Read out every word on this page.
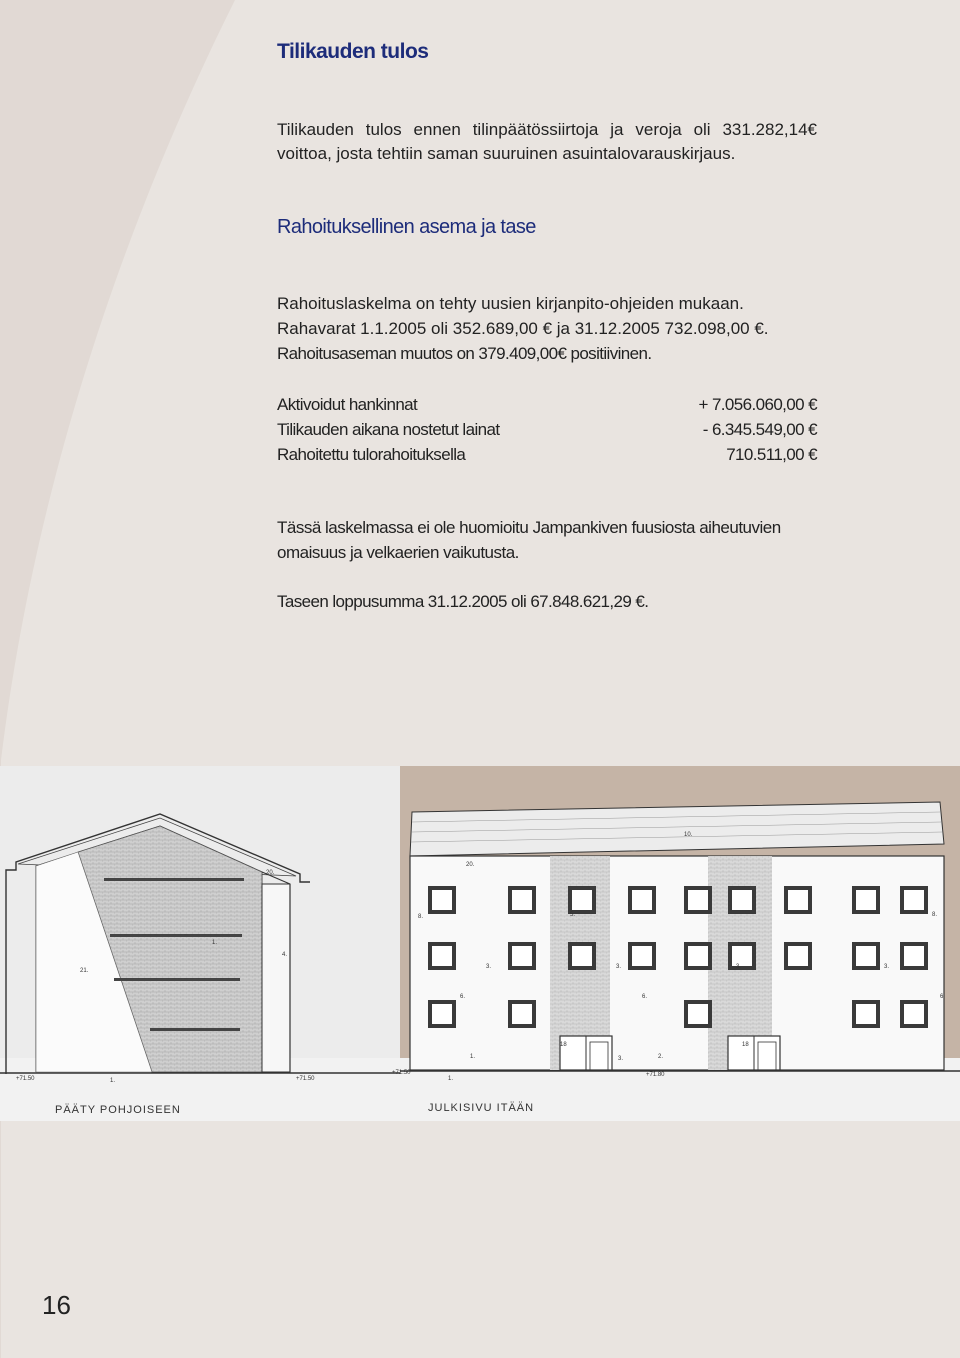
Tilikauden tulos
Tilikauden tulos ennen tilinpäätössiirtoja ja veroja oli 331.282,14€ voittoa, josta tehtiin saman suuruinen asuintalovarauskirjaus.
Rahoituksellinen asema ja tase
Rahoituslaskelma on tehty uusien kirjanpito-ohjeiden mukaan.
Rahavarat 1.1.2005 oli 352.689,00 € ja 31.12.2005 732.098,00 €.
Rahoitusaseman muutos on 379.409,00€ positiivinen.
Aktivoidut hankinnat	+ 7.056.060,00 €
Tilikauden aikana nostetut lainat	- 6.345.549,00 €
Rahoitettu tulorahoituksella	710.511,00 €
Tässä laskelmassa ei ole huomioitu Jampankiven fuusiosta aiheutuvien omaisuus ja velkaerien vaikutusta.
Taseen loppusumma 31.12.2005 oli 67.848.621,29 €.
21.
1.
4.
20.
1.
+71.50	+71.50
10.
20.
8.	8.
3.	3.	3.	3.
6.	6.	6.
5.
18
18
2.
1.	3.
1.
+71.50	+71.80
PÄÄTY POHJOISEEN	JULKISIVU ITÄÄN
16
